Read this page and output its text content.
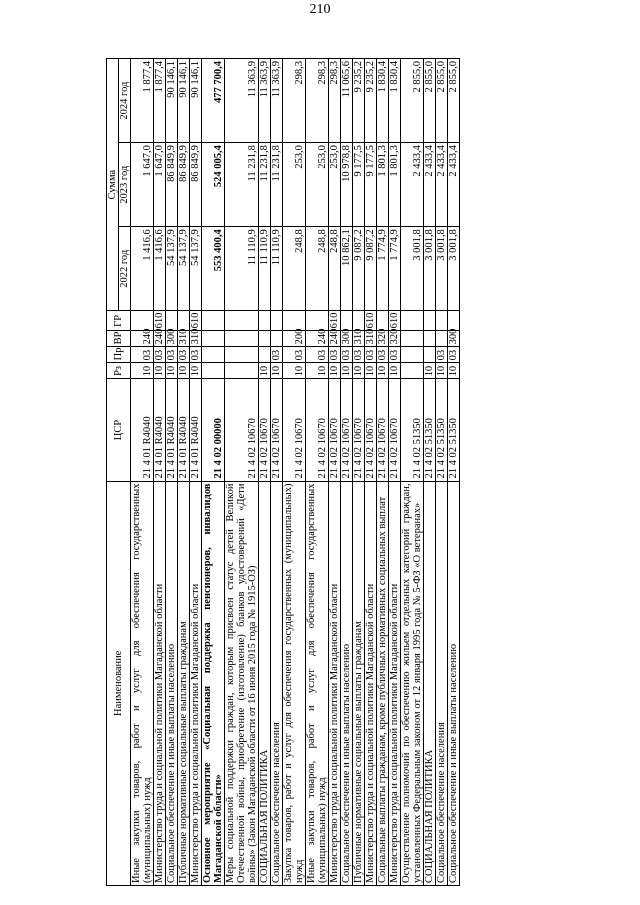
210
Наименование	ЦСР	Рз	Пр	ВР	ГР	Сумма		
						2022 год	2023 год	2024 год
Иные закупки товаров, работ и услуг для обеспечения государственных (муниципальных) нужд	21 4 01 R4040	10	03	240		1 416,6	1 647,0	1 877,4
Министерство труда и социальной политики Магаданской области	21 4 01 R4040	10	03	240	610	1 416,6	1 647,0	1 877,4
Социальное обеспечение и иные выплаты населению	21 4 01 R4040	10	03	300		54 137,9	86 849,9	90 146,1
Публичные нормативные социальные выплаты гражданам	21 4 01 R4040	10	03	310		54 137,9	86 849,9	90 146,1
Министерство труда и социальной политики Магаданской области	21 4 01 R4040	10	03	310	610	54 137,9	86 849,9	90 146,1
Основное мероприятие «Социальная поддержка пенсионеров, инвалидов Магаданской области»	21 4 02 00000					553 400,4	524 005,4	477 700,4
Меры социальной поддержки граждан, которым присвоен статус детей Великой Отечественной войны, приобретение (изготовление) бланков удостоверений «Дети войны» (Закон Магаданской области от 16 июня 2015 года № 1915-ОЗ)	21 4 02 10670					11 110,9	11 231,8	11 363,9
СОЦИАЛЬНАЯ ПОЛИТИКА	21 4 02 10670	10				11 110,9	11 231,8	11 363,9
Социальное обеспечение населения	21 4 02 10670	10	03			11 110,9	11 231,8	11 363,9
Закупка товаров, работ и услуг для обеспечения государственных (муниципальных) нужд	21 4 02 10670	10	03	200		248,8	253,0	298,3
Иные закупки товаров, работ и услуг для обеспечения государственных (муниципальных) нужд	21 4 02 10670	10	03	240		248,8	253,0	298,3
Министерство труда и социальной политики Магаданской области	21 4 02 10670	10	03	240	610	248,8	253,0	298,3
Социальное обеспечение и иные выплаты населению	21 4 02 10670	10	03	300		10 862,1	10 978,8	11 065,6
Публичные нормативные социальные выплаты гражданам	21 4 02 10670	10	03	310		9 087,2	9 177,5	9 235,2
Министерство труда и социальной политики Магаданской области	21 4 02 10670	10	03	310	610	9 087,2	9 177,5	9 235,2
Социальные выплаты гражданам, кроме публичных нормативных социальных выплат	21 4 02 10670	10	03	320		1 774,9	1 801,3	1 830,4
Министерство труда и социальной политики Магаданской области	21 4 02 10670	10	03	320	610	1 774,9	1 801,3	1 830,4
Осуществление полномочий по обеспечению жильем отдельных категорий граждан, установленных Федеральным законом от 12 января 1995 года № 5-ФЗ «О ветеранах»	21 4 02 51350					3 001,8	2 433,4	2 855,0
СОЦИАЛЬНАЯ ПОЛИТИКА	21 4 02 51350	10				3 001,8	2 433,4	2 855,0
Социальное обеспечение населения	21 4 02 51350	10	03			3 001,8	2 433,4	2 855,0
Социальное обеспечение и иные выплаты населению	21 4 02 51350	10	03	300		3 001,8	2 433,4	2 855,0
